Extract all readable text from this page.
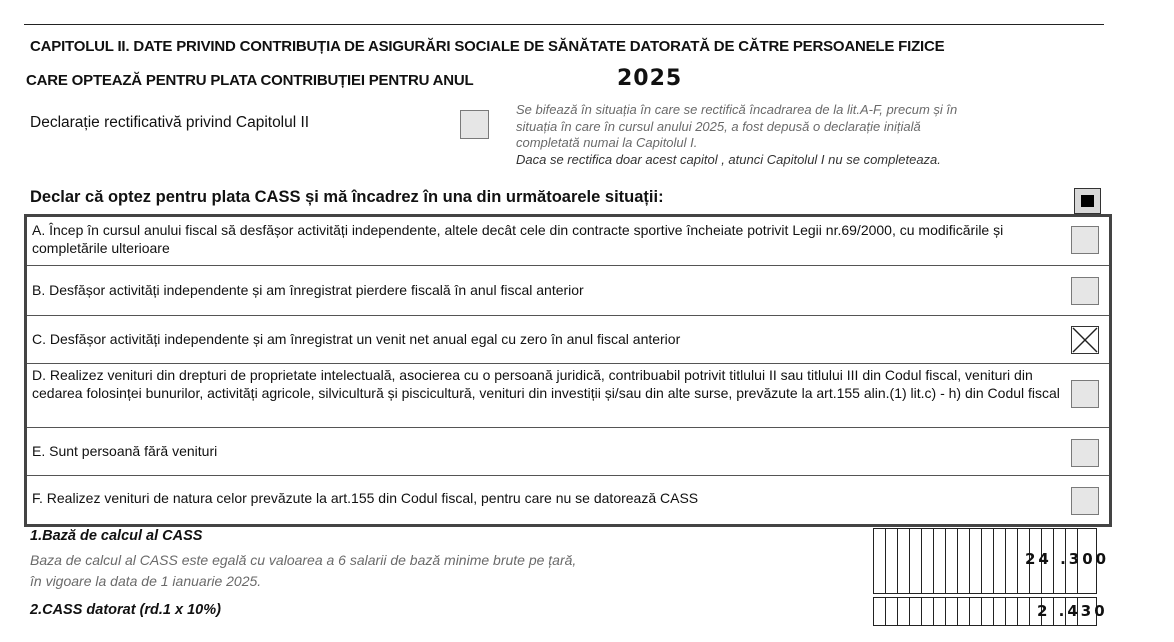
CAPITOLUL II. DATE PRIVIND CONTRIBUȚIA DE ASIGURĂRI SOCIALE DE SĂNĂTATE DATORATĂ DE CĂTRE PERSOANELE FIZICE
CARE OPTEAZĂ PENTRU PLATA CONTRIBUȚIEI PENTRU ANUL	2025
Declarație rectificativă privind Capitolul II
Se bifează în situația în care se rectifică încadrarea de la lit.A-F, precum și în
situația în care în cursul anului 2025, a fost depusă o declarație inițială
completată numai la Capitolul I.
Daca se rectifica doar acest capitol , atunci Capitolul I nu se completeaza.
Declar că optez pentru plata CASS și mă încadrez în una din următoarele situații:
A. Încep în cursul anului fiscal să desfășor activități independente, altele decât cele din contracte sportive încheiate potrivit Legii nr.69/2000, cu modificările și completările ulterioare
B. Desfășor activități independente și am înregistrat pierdere fiscală în anul fiscal anterior
C. Desfășor activități independente și am înregistrat un venit net anual egal cu zero în anul fiscal anterior
D. Realizez venituri din drepturi de proprietate intelectuală, asocierea cu o persoană juridică, contribuabil potrivit titlului II sau titlului III din Codul fiscal, venituri din cedarea folosinței bunurilor, activități agricole, silvicultură și piscicultură, venituri din investiții și/sau din alte surse, prevăzute la art.155 alin.(1) lit.c) - h) din Codul fiscal
E. Sunt persoană fără venituri
F. Realizez venituri de natura celor prevăzute la art.155 din Codul fiscal, pentru care nu se datorează CASS
1.Bază de calcul al CASS
Baza de calcul al CASS este egală cu valoarea a 6 salarii de bază minime brute pe țară,
în vigoare la data de 1 ianuarie 2025.
24 .300
2.CASS datorat (rd.1 x 10%)	2 .430
